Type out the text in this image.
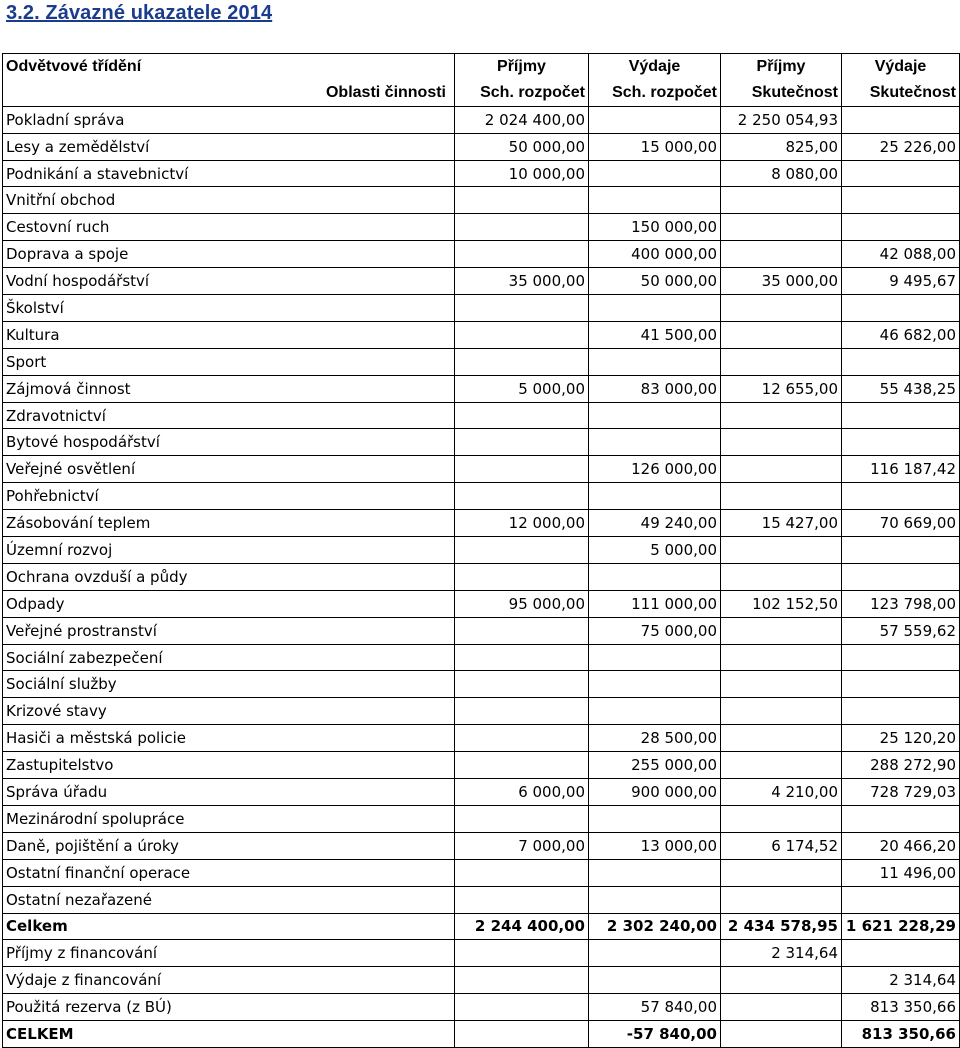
3.2. Závazné ukazatele 2014
Odvětvové třídění	Příjmy	Výdaje	Příjmy	Výdaje
Oblasti činnosti	Sch. rozpočet	Sch. rozpočet	Skutečnost	Skutečnost
Pokladní správa	2 024 400,00		2 250 054,93	
Lesy a zemědělství	50 000,00	15 000,00	825,00	25 226,00
Podnikání a stavebnictví	10 000,00		8 080,00	
Vnitřní obchod				
Cestovní ruch		150 000,00		
Doprava a spoje		400 000,00		42 088,00
Vodní hospodářství	35 000,00	50 000,00	35 000,00	9 495,67
Školství				
Kultura		41 500,00		46 682,00
Sport				
Zájmová činnost	5 000,00	83 000,00	12 655,00	55 438,25
Zdravotnictví				
Bytové hospodářství				
Veřejné osvětlení		126 000,00		116 187,42
Pohřebnictví				
Zásobování teplem	12 000,00	49 240,00	15 427,00	70 669,00
Územní rozvoj		5 000,00		
Ochrana ovzduší a půdy				
Odpady	95 000,00	111 000,00	102 152,50	123 798,00
Veřejné prostranství		75 000,00		57 559,62
Sociální zabezpečení				
Sociální služby				
Krizové stavy				
Hasiči a městská policie		28 500,00		25 120,20
Zastupitelstvo		255 000,00		288 272,90
Správa úřadu	6 000,00	900 000,00	4 210,00	728 729,03
Mezinárodní spolupráce				
Daně, pojištění a úroky	7 000,00	13 000,00	6 174,52	20 466,20
Ostatní finanční operace				11 496,00
Ostatní nezařazené				
Celkem	2 244 400,00	2 302 240,00	2 434 578,95	1 621 228,29
Příjmy z financování			2 314,64	
Výdaje z financování				2 314,64
Použitá rezerva (z BÚ)		57 840,00		813 350,66
CELKEM		-57 840,00		813 350,66
